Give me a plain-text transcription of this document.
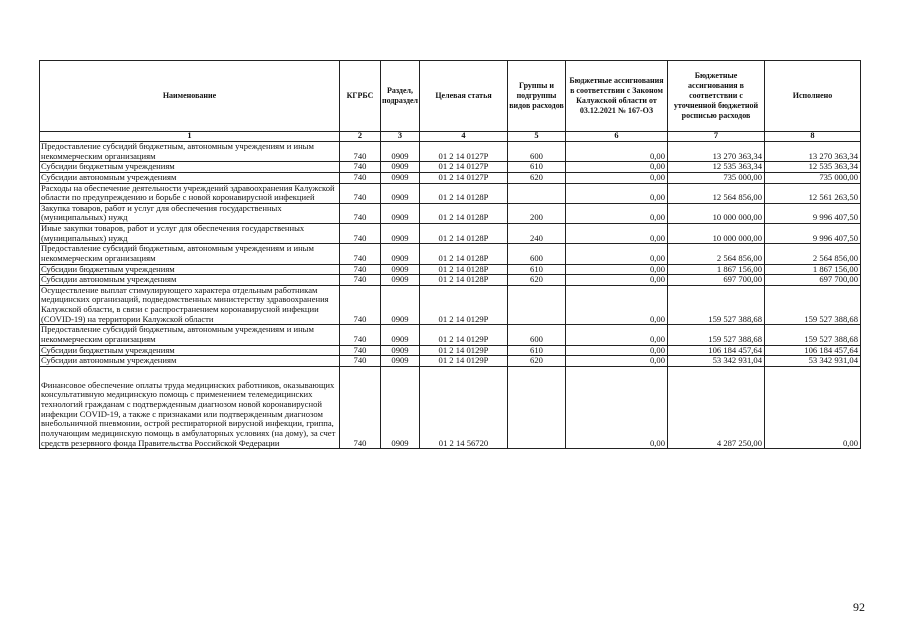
Наименование	КГРБС	Раздел, подраздел	Целевая статья	Группы и подгруппы видов расходов	Бюджетные ассигнования в соответствии с Законом Калужской области от 03.12.2021 № 167-ОЗ	Бюджетные ассигнования в соответствии с уточненной бюджетной росписью расходов	Исполнено
1	2	3	4	5	6	7	8
Предоставление субсидий бюджетным, автономным учреждениям и иным некоммерческим организациям	740	0909	01 2 14 0127P	600	0,00	13 270 363,34	13 270 363,34
Субсидии бюджетным учреждениям	740	0909	01 2 14 0127P	610	0,00	12 535 363,34	12 535 363,34
Субсидии автономным учреждениям	740	0909	01 2 14 0127P	620	0,00	735 000,00	735 000,00
Расходы на обеспечение деятельности учреждений здравоохранения Калужской области по предупреждению и борьбе с новой коронавирусной инфекцией	740	0909	01 2 14 0128P		0,00	12 564 856,00	12 561 263,50
Закупка товаров, работ и услуг для обеспечения государственных (муниципальных) нужд	740	0909	01 2 14 0128P	200	0,00	10 000 000,00	9 996 407,50
Иные закупки товаров, работ и услуг для обеспечения государственных (муниципальных) нужд	740	0909	01 2 14 0128P	240	0,00	10 000 000,00	9 996 407,50
Предоставление субсидий бюджетным, автономным учреждениям и иным некоммерческим организациям	740	0909	01 2 14 0128P	600	0,00	2 564 856,00	2 564 856,00
Субсидии бюджетным учреждениям	740	0909	01 2 14 0128P	610	0,00	1 867 156,00	1 867 156,00
Субсидии автономным учреждениям	740	0909	01 2 14 0128P	620	0,00	697 700,00	697 700,00
Осуществление выплат стимулирующего характера отдельным работникам медицинских организаций, подведомственных министерству здравоохранения Калужской области, в связи с распространением коронавирусной инфекции (COVID-19) на территории Калужской области	740	0909	01 2 14 0129P		0,00	159 527 388,68	159 527 388,68
Предоставление субсидий бюджетным, автономным учреждениям и иным некоммерческим организациям	740	0909	01 2 14 0129P	600	0,00	159 527 388,68	159 527 388,68
Субсидии бюджетным учреждениям	740	0909	01 2 14 0129P	610	0,00	106 184 457,64	106 184 457,64
Субсидии автономным учреждениям	740	0909	01 2 14 0129P	620	0,00	53 342 931,04	53 342 931,04
Финансовое обеспечение оплаты труда медицинских работников, оказывающих консультативную медицинскую помощь с применением телемедицинских технологий гражданам с подтвержденным диагнозом новой коронавирусной инфекции COVID-19, а также с признаками или подтвержденным диагнозом внебольничной пневмонии, острой респираторной вирусной инфекции, гриппа, получающим медицинскую помощь в амбулаторных условиях (на дому), за счет средств резервного фонда Правительства Российской Федерации	740	0909	01 2 14 56720		0,00	4 287 250,00	0,00
92
